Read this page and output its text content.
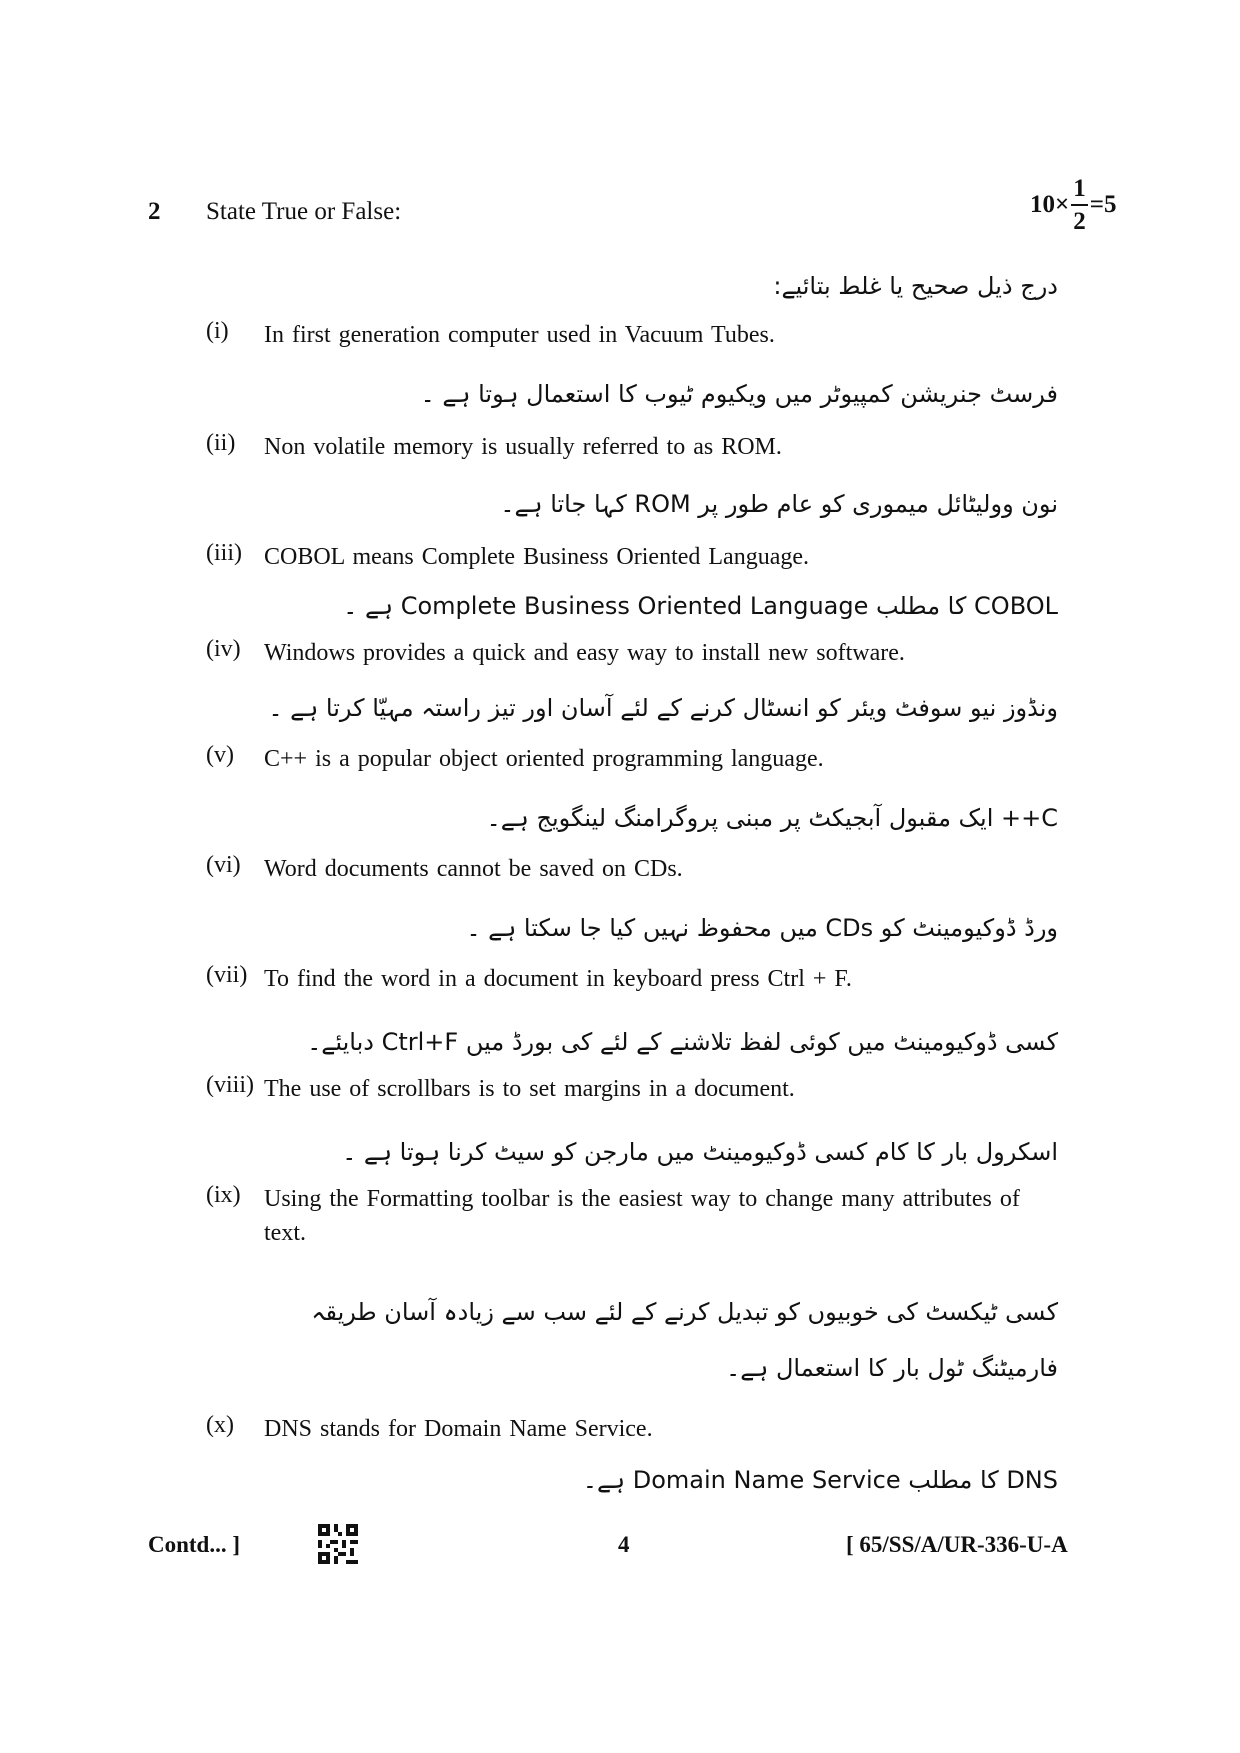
2 State True or False:	$10\times \frac{1}{2} =5$
درج ذیل صحیح یا غلط بتائیے:
(i)	In first generation computer used in Vacuum Tubes.
فرسٹ جنریشن کمپیوٹر میں ویکیوم ٹیوب کا استعمال ہوتا ہے ۔
(ii)	Non volatile memory is usually referred to as ROM.
نون وولیٹائل میموری کو عام طور پر ROM کہا جاتا ہے۔
(iii) COBOL means Complete Business Oriented Language.
COBOL کا مطلب Complete Business Oriented Language ہے ۔
(iv) Windows provides a quick and easy way to install new software.
ونڈوز نیو سوفٹ ویئر کو انسٹال کرنے کے لئے آسان اور تیز راستہ مہیّا کرتا ہے ۔
(v)	C++ is a popular object oriented programming language.
C++ ایک مقبول آبجیکٹ پر مبنی پروگرامنگ لینگویج ہے۔
(vi) Word documents cannot be saved on CDs.
ورڈ ڈوکیومینٹ کو CDs میں محفوظ نہیں کیا جا سکتا ہے ۔
(vii) To find the word in a document in keyboard press Ctrl + F.
کسی ڈوکیومینٹ میں کوئی لفظ تلاشنے کے لئے کی بورڈ میں Ctrl+F دبایئے۔
(viii) The use of scrollbars is to set margins in a document.
اسکرول بار کا کام کسی ڈوکیومینٹ میں مارجن کو سیٹ کرنا ہوتا ہے ۔
(ix) Using the Formatting toolbar is the easiest way to change many attributes of text.
کسی ٹیکسٹ کی خوبیوں کو تبدیل کرنے کے لئے سب سے زیادہ آسان طریقہ فارمیٹنگ ٹول بار کا استعمال ہے۔
(x)	DNS stands for Domain Name Service.
DNS کا مطلب Domain Name Service ہے۔
Contd... ]	4	[ 65/SS/A/UR-336-U-A
